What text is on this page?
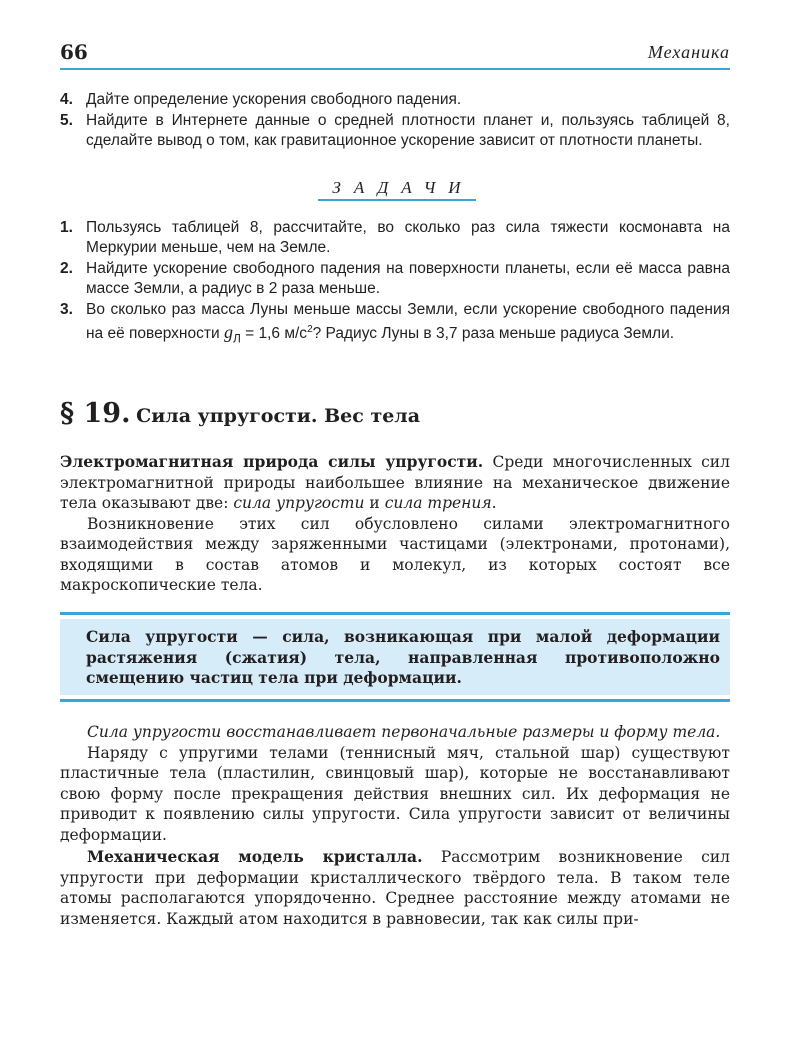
66	Механика
4. Дайте определение ускорения свободного падения.
5. Найдите в Интернете данные о средней плотности планет и, пользуясь таблицей 8, сделайте вывод о том, как гравитационное ускорение зависит от плотности планеты.
ЗАДАЧИ
1. Пользуясь таблицей 8, рассчитайте, во сколько раз сила тяжести космонавта на Меркурии меньше, чем на Земле.
2. Найдите ускорение свободного падения на поверхности планеты, если её масса равна массе Земли, а радиус в 2 раза меньше.
3. Во сколько раз масса Луны меньше массы Земли, если ускорение свободного падения на её поверхности $g_Л = 1,6$ $м/с^2$? Радиус Луны в 3,7 раза меньше радиуса Земли.
§ 19. Сила упругости. Вес тела

Электромагнитная природа силы упругости. Среди многочисленных сил электромагнитной природы наибольшее влияние на механическое движение тела оказывают две: сила упругости и сила трения.

Возникновение этих сил обусловлено силами электромагнитного взаимодействия между заряженными частицами (электронами, протонами), входящими в состав атомов и молекул, из которых состоят все макроскопические тела.

Сила упругости — сила, возникающая при малой деформации растяжения (сжатия) тела, направленная противоположно смещению частиц тела при деформации.

Сила упругости восстанавливает первоначальные размеры и форму тела.

Наряду с упругими телами (теннисный мяч, стальной шар) существуют пластичные тела (пластилин, свинцовый шар), которые не восстанавливают свою форму после прекращения действия внешних сил. Их деформация не приводит к появлению силы упругости. Сила упругости зависит от величины деформации.

Механическая модель кристалла. Рассмотрим возникновение сил упругости при деформации кристаллического твёрдого тела. В таком теле атомы располагаются упорядоченно. Среднее расстояние между атомами не изменяется. Каждый атом находится в равновесии, так как силы при-
